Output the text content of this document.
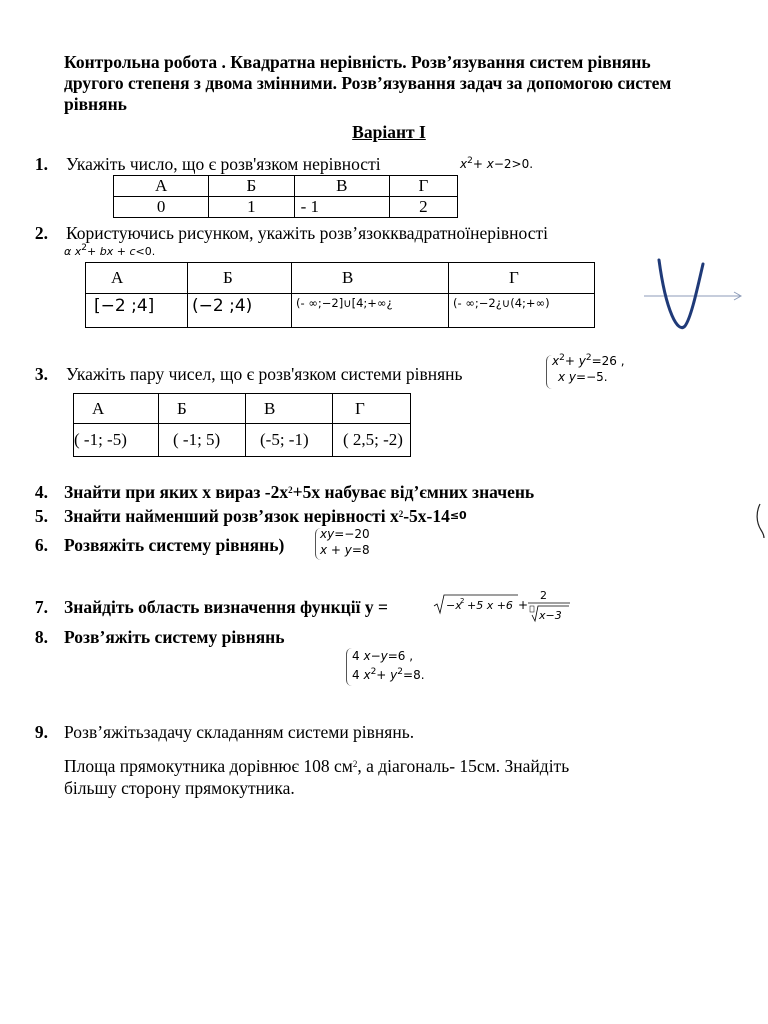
Контрольна робота . Квадратна нерівність. Розв’язування систем рівнянь другого степеня з двома змінними. Розв’язування задач за допомогою систем рівнянь
Варіант І
1. Укажіть число, що є розв'язком нерівності	$x^2+ x-2>0$.
А	Б	В	Г
0	1	- 1	2
2. Користуючись рисунком, укажіть розв’язокквадратноїнерівності
α $x^2+$ bx + c<0.
А	Б	В	Г
[−2 ;4]	(−2 ;4)	(- ∞;−2]∪[4;+∞¿	(- ∞;−2¿∪(4;+∞)
3. Укажіть пару чисел, що є розв'язком системи рівнянь
$x^2+ y^2=26$ ,
x y=−5.
А	Б	В	Г
( -1; -5)	( -1; 5)	(-5; -1)	( 2,5; -2)
4. Знайти при яких х вираз $-2х^2+5х$ набуває від’ємних значень
5. Знайти найменший розв’язок нерівності $х^2-5х-14\le 0$
6. Розвяжіть систему рівнянь)
xy=−20
x + y=8
7. Знайдіть область визначення функції у =	−x
2 +5 x +6 +
2
x−3
8. Розв’яжіть систему рівнянь
4 x−y=6 ,
4 $x^2+ y^2=8$.
9. Розв’яжітьзадачу складанням системи рівнянь.
Площа прямокутника дорівнює 108 $см^2$, а діагональ- 15см. Знайдіть
більшу сторону прямокутника.
